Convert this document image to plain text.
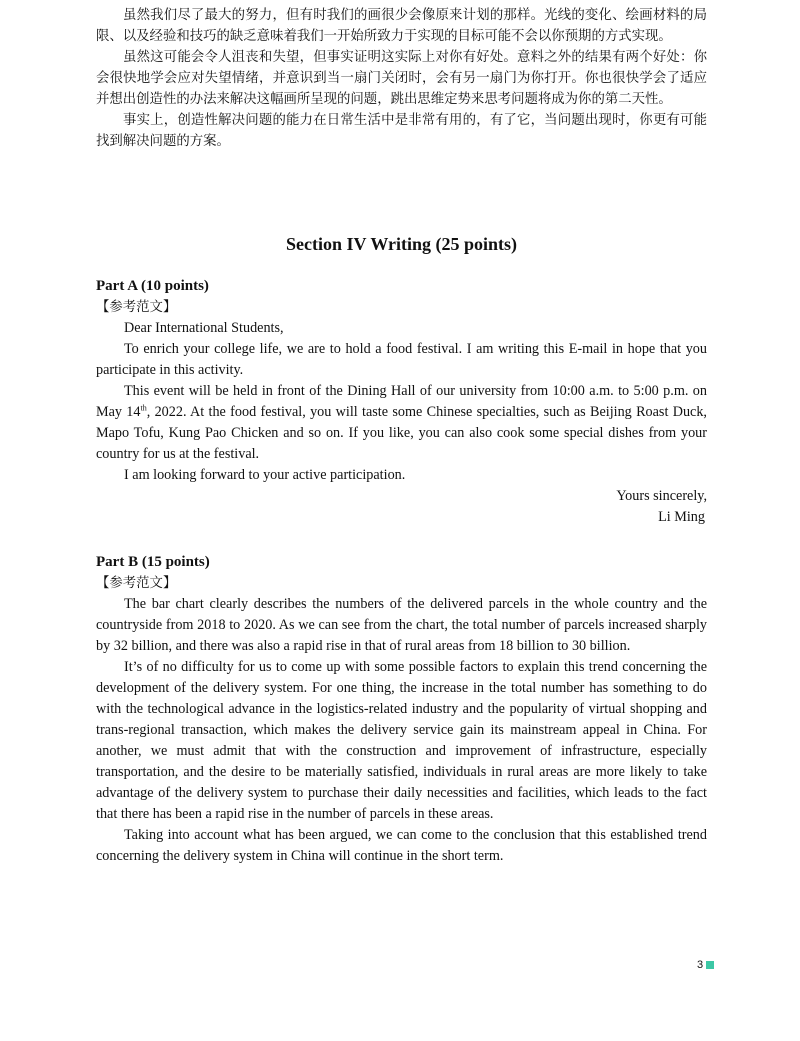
虽然我们尽了最大的努力，但有时我们的画很少会像原来计划的那样。光线的变化、绘画材料的局限、以及经验和技巧的缺乏意味着我们一开始所致力于实现的目标可能不会以你预期的方式实现。

虽然这可能会令人沮丧和失望，但事实证明这实际上对你有好处。意料之外的结果有两个好处：你会很快地学会应对失望情绪，并意识到当一扇门关闭时，会有另一扇门为你打开。你也很快学会了适应并想出创造性的办法来解决这幅画所呈现的问题，跳出思维定势来思考问题将成为你的第二天性。

事实上，创造性解决问题的能力在日常生活中是非常有用的，有了它，当问题出现时，你更有可能找到解决问题的方案。

Section IV Writing (25 points)

Part A (10 points)

【参考范文】

Dear International Students,

To enrich your college life, we are to hold a food festival. I am writing this E-mail in hope that you participate in this activity.

This event will be held in front of the Dining Hall of our university from 10:00 a.m. to 5:00 p.m. on May 14th, 2022. At the food festival, you will taste some Chinese specialties, such as Beijing Roast Duck, Mapo Tofu, Kung Pao Chicken and so on. If you like, you can also cook some special dishes from your country for us at the festival.

I am looking forward to your active participation.

Yours sincerely,

Li Ming

Part B (15 points)

【参考范文】

The bar chart clearly describes the numbers of the delivered parcels in the whole country and the countryside from 2018 to 2020. As we can see from the chart, the total number of parcels increased sharply by 32 billion, and there was also a rapid rise in that of rural areas from 18 billion to 30 billion.

It’s of no difficulty for us to come up with some possible factors to explain this trend concerning the development of the delivery system. For one thing, the increase in the total number has something to do with the technological advance in the logistics-related industry and the popularity of virtual shopping and trans-regional transaction, which makes the delivery service gain its mainstream appeal in China. For another, we must admit that with the construction and improvement of infrastructure, especially transportation, and the desire to be materially satisfied, individuals in rural areas are more likely to take advantage of the delivery system to purchase their daily necessities and facilities, which leads to the fact that there has been a rapid rise in the number of parcels in these areas.

Taking into account what has been argued, we can come to the conclusion that this established trend concerning the delivery system in China will continue in the short term.

3
